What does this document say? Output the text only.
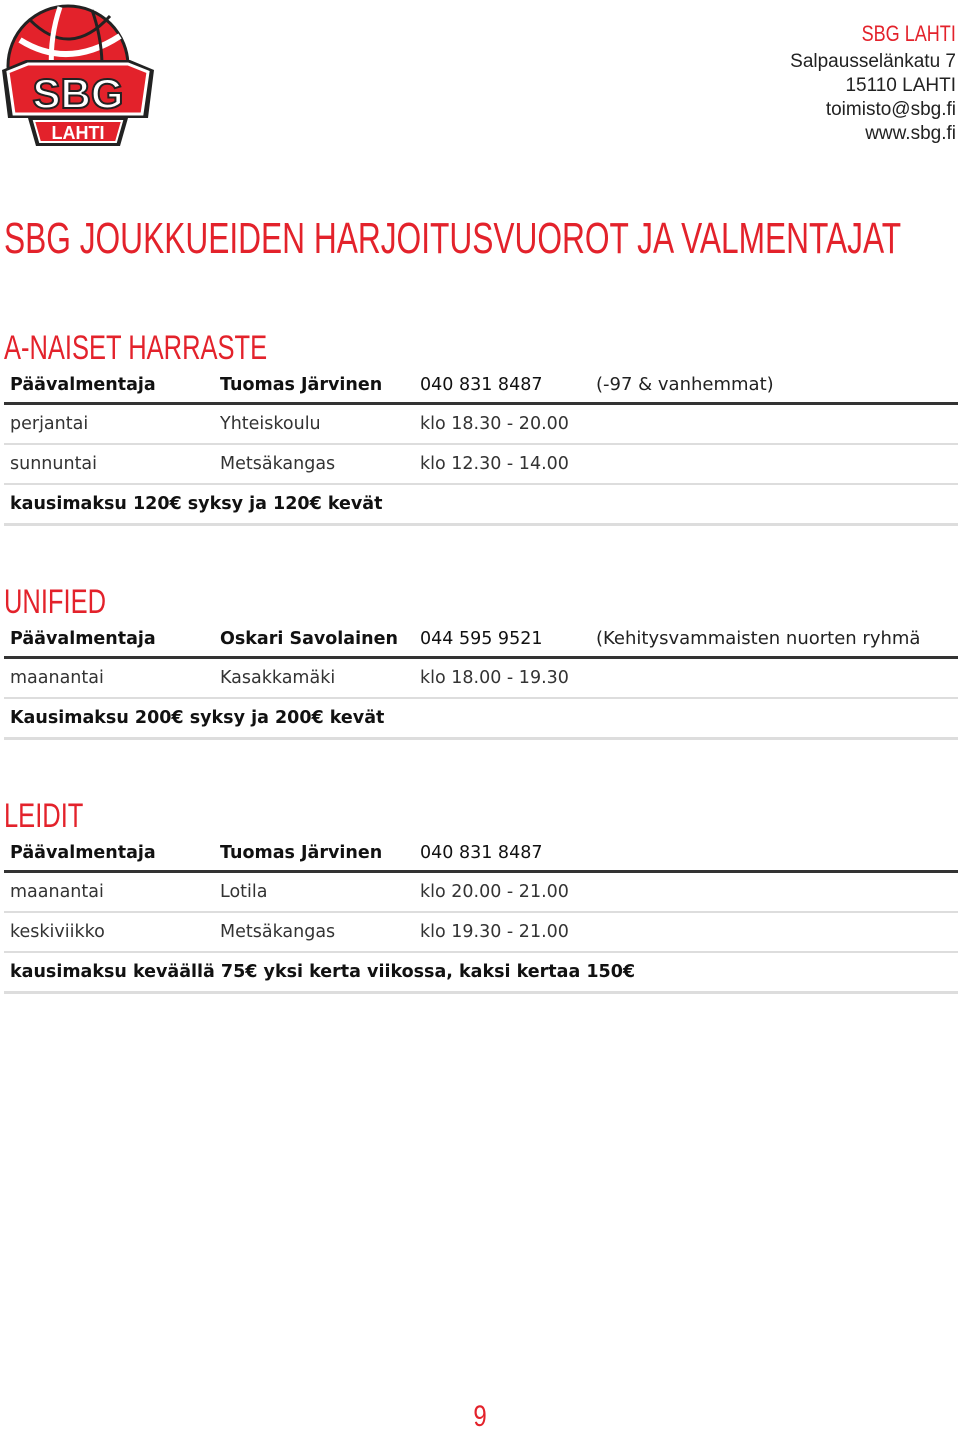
SBG
LAHTI
SBG LAHTI
Salpausselänkatu 7
15110 LAHTI
toimisto@sbg.fi
www.sbg.fi
SBG JOUKKUEIDEN HARJOITUSVUOROT JA VALMENTAJAT
A-NAISET HARRASTE
Päävalmentaja	Tuomas Järvinen 040 831 8487	(-97 & vanhemmat)
perjantai	Yhteiskoulu	klo 18.30 - 20.00
sunnuntai	Metsäkangas	klo 12.30 - 14.00
kausimaksu 120€ syksy ja 120€ kevät
UNIFIED
Päävalmentaja	Oskari Savolainen 044 595 9521	(Kehitysvammaisten nuorten ryhmä
maanantai	Kasakkamäki	klo 18.00 - 19.30
Kausimaksu 200€ syksy ja 200€ kevät
LEIDIT
Päävalmentaja	Tuomas Järvinen 040 831 8487
maanantai	Lotila	klo 20.00 - 21.00
keskiviikko	Metsäkangas	klo 19.30 - 21.00
kausimaksu keväällä 75€ yksi kerta viikossa, kaksi kertaa 150€
9
